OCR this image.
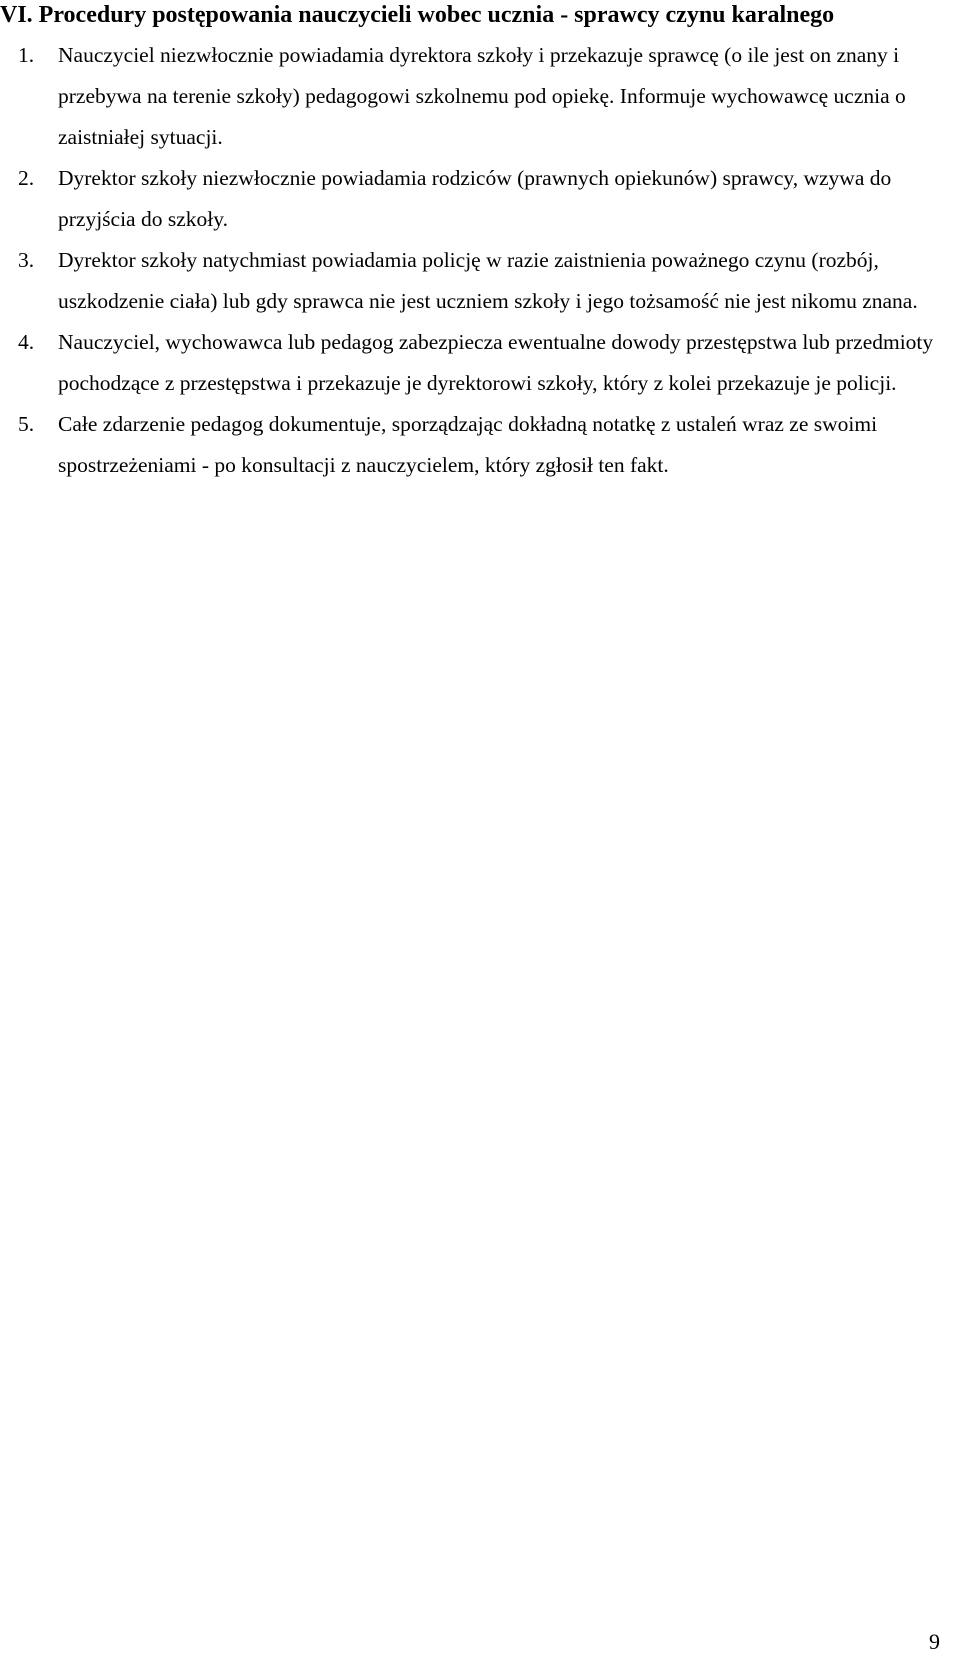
VI. Procedury postępowania nauczycieli wobec ucznia - sprawcy czynu karalnego
1. Nauczyciel niezwłocznie powiadamia dyrektora szkoły i przekazuje sprawcę (o ile jest on znany i przebywa na terenie szkoły) pedagogowi szkolnemu pod opiekę. Informuje wychowawcę ucznia o zaistniałej sytuacji.
2. Dyrektor szkoły niezwłocznie powiadamia rodziców (prawnych opiekunów) sprawcy, wzywa do przyjścia do szkoły.
3. Dyrektor szkoły natychmiast powiadamia policję w razie zaistnienia poważnego czynu (rozbój, uszkodzenie ciała) lub gdy sprawca nie jest uczniem szkoły i jego tożsamość nie jest nikomu znana.
4. Nauczyciel, wychowawca lub pedagog zabezpiecza ewentualne dowody przestępstwa lub przedmioty pochodzące z przestępstwa i przekazuje je dyrektorowi szkoły, który z kolei przekazuje je policji.
5. Całe zdarzenie pedagog dokumentuje, sporządzając dokładną notatkę z ustaleń wraz ze swoimi spostrzeżeniami - po konsultacji z nauczycielem, który zgłosił ten fakt.
9
